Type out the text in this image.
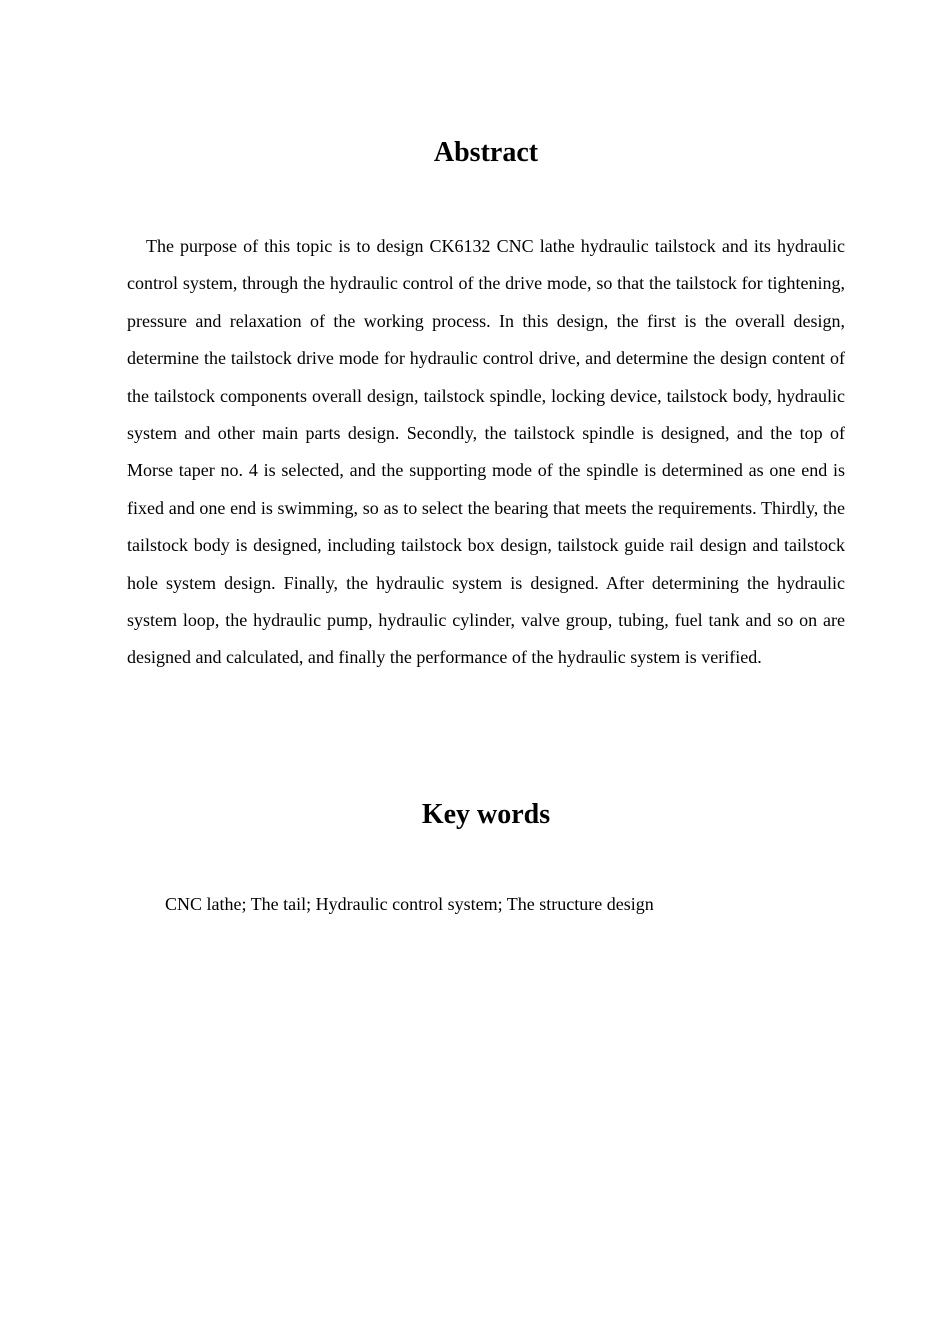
Abstract

The purpose of this topic is to design CK6132 CNC lathe hydraulic tailstock and its hydraulic control system, through the hydraulic control of the drive mode, so that the tailstock for tightening, pressure and relaxation of the working process. In this design, the first is the overall design, determine the tailstock drive mode for hydraulic control drive, and determine the design content of the tailstock components overall design, tailstock spindle, locking device, tailstock body, hydraulic system and other main parts design. Secondly, the tailstock spindle is designed, and the top of Morse taper no. 4 is selected, and the supporting mode of the spindle is determined as one end is fixed and one end is swimming, so as to select the bearing that meets the requirements. Thirdly, the tailstock body is designed, including tailstock box design, tailstock guide rail design and tailstock hole system design. Finally, the hydraulic system is designed. After determining the hydraulic system loop, the hydraulic pump, hydraulic cylinder, valve group, tubing, fuel tank and so on are designed and calculated, and finally the performance of the hydraulic system is verified.

Key words

CNC lathe; The tail; Hydraulic control system; The structure design
